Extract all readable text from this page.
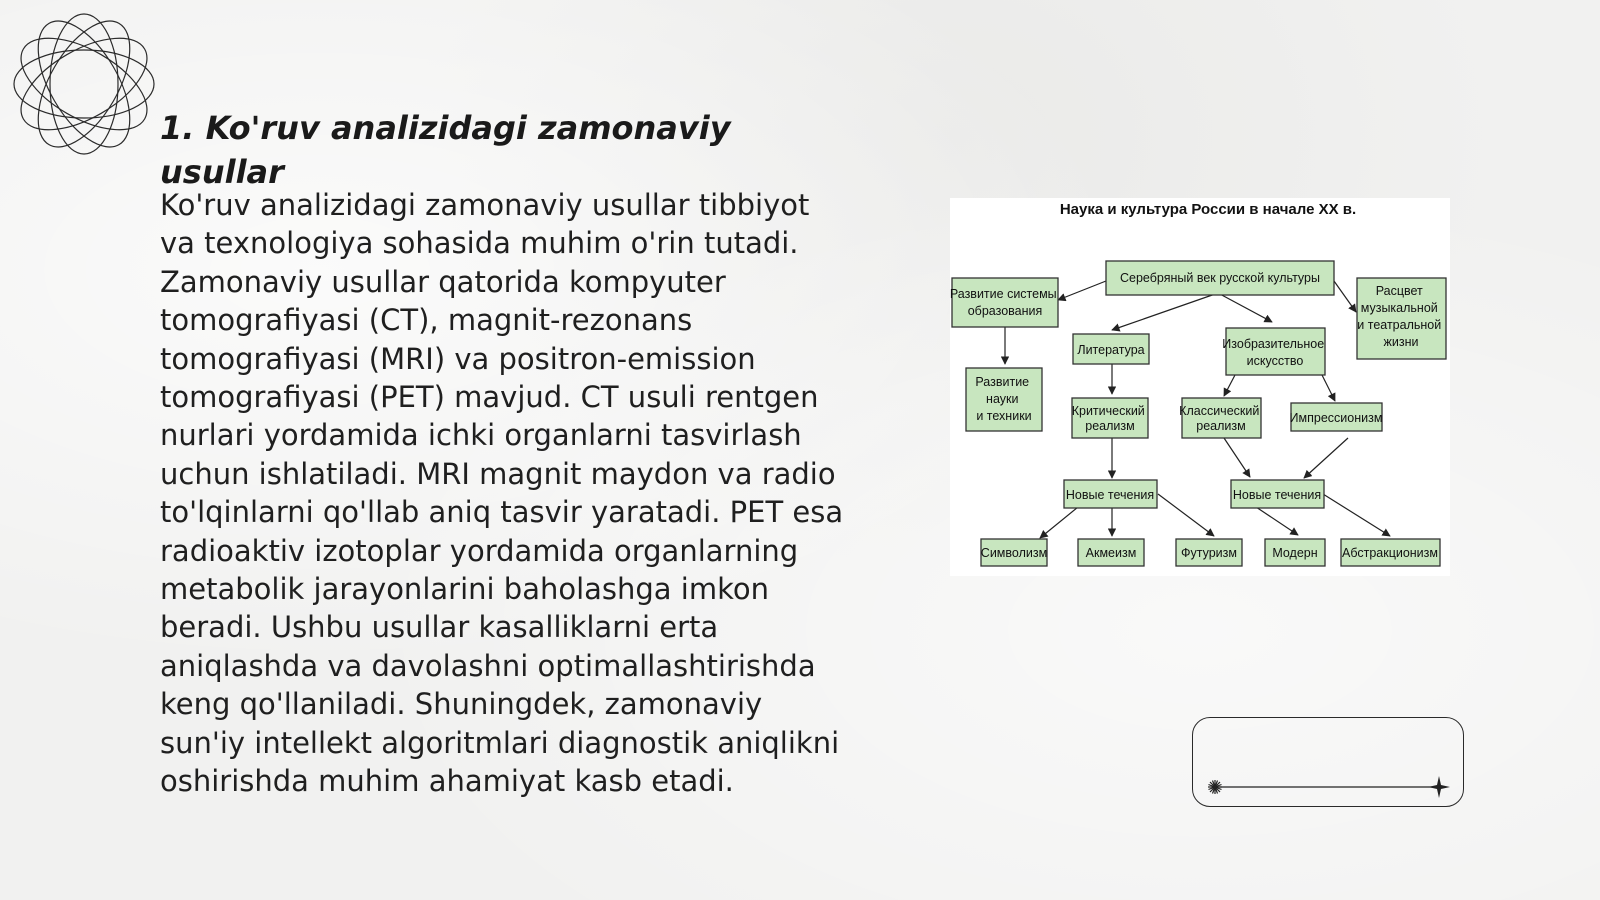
1. Ko'ruv analizidagi zamonaviy usullar

Ko'ruv analizidagi zamonaviy usullar tibbiyot va texnologiya sohasida muhim o'rin tutadi. Zamonaviy usullar qatorida kompyuter tomografiyasi (CT), magnit-rezonans tomografiyasi (MRI) va positron-emission tomografiyasi (PET) mavjud. CT usuli rentgen nurlari yordamida ichki organlarni tasvirlash uchun ishlatiladi. MRI magnit maydon va radio to'lqinlarni qo'llab aniq tasvir yaratadi. PET esa radioaktiv izotoplar yordamida organlarning metabolik jarayonlarini baholashga imkon beradi. Ushbu usullar kasalliklarni erta aniqlashda va davolashni optimallashtirishda keng qo'llaniladi. Shuningdek, zamonaviy sun'iy intellekt algoritmlari diagnostik aniqlikni oshirishda muhim ahamiyat kasb etadi.

Наука и культура России в начале XX в.
Серебряный век русской культуры
Развитие системы образования
Расцвет музыкальной и театральной жизни
Литература	Изобразительное искусство
Развитие науки и техники	Критический реализм
Классический реализм
Импрессионизм
Новые течения	Новые течения
Символизм	Акмеизм	Футуризм	Модерн Абстракционизм
